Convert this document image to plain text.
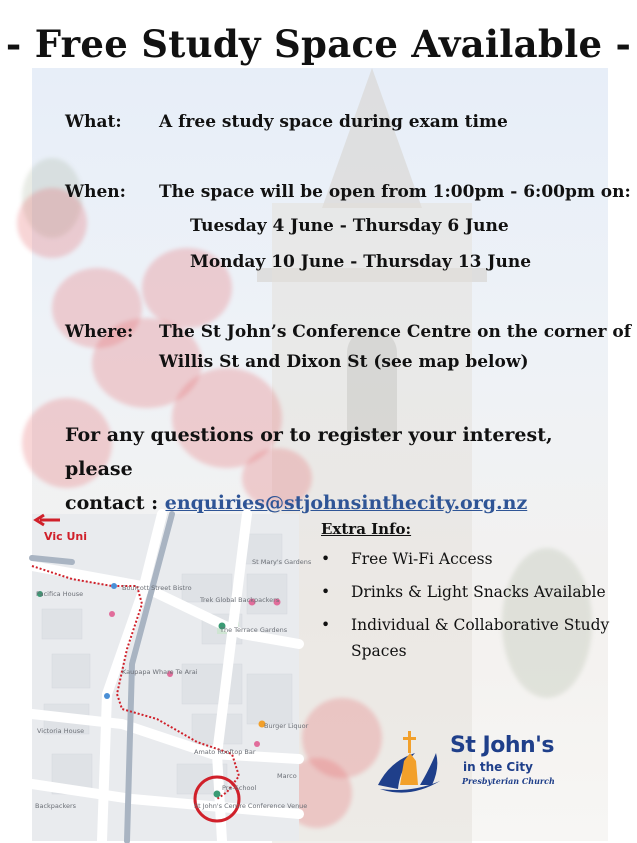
- Free Study Space Available -
What: A free study space during exam time
When: The space will be open from 1:00pm - 6:00pm on:
Tuesday 4 June - Thursday 6 June
Monday 10 June - Thursday 13 June
Where: The St John’s Conference Centre on the corner of
Willis St and Dixon St (see map below)
For any questions or to register your interest, please
contact : enquiries@stjohnsinthecity.org.nz
Vic Uni
The Terrace Gardens
Trek Global Backpackers
Boulcott Street Bistro
Kaupapa Whare Te Arai
Victoria House
Burger Liquor
Amato Rooftop Bar
St John's Centre Conference Venue
Backpackers
Pacifica House
St Mary's Gardens
Pre-School
Marco
Extra Info:
• Free Wi-Fi Access
• Drinks & Light Snacks Available
• Individual & Collaborative Study Spaces
St John's
in the City
Presbyterian Church
